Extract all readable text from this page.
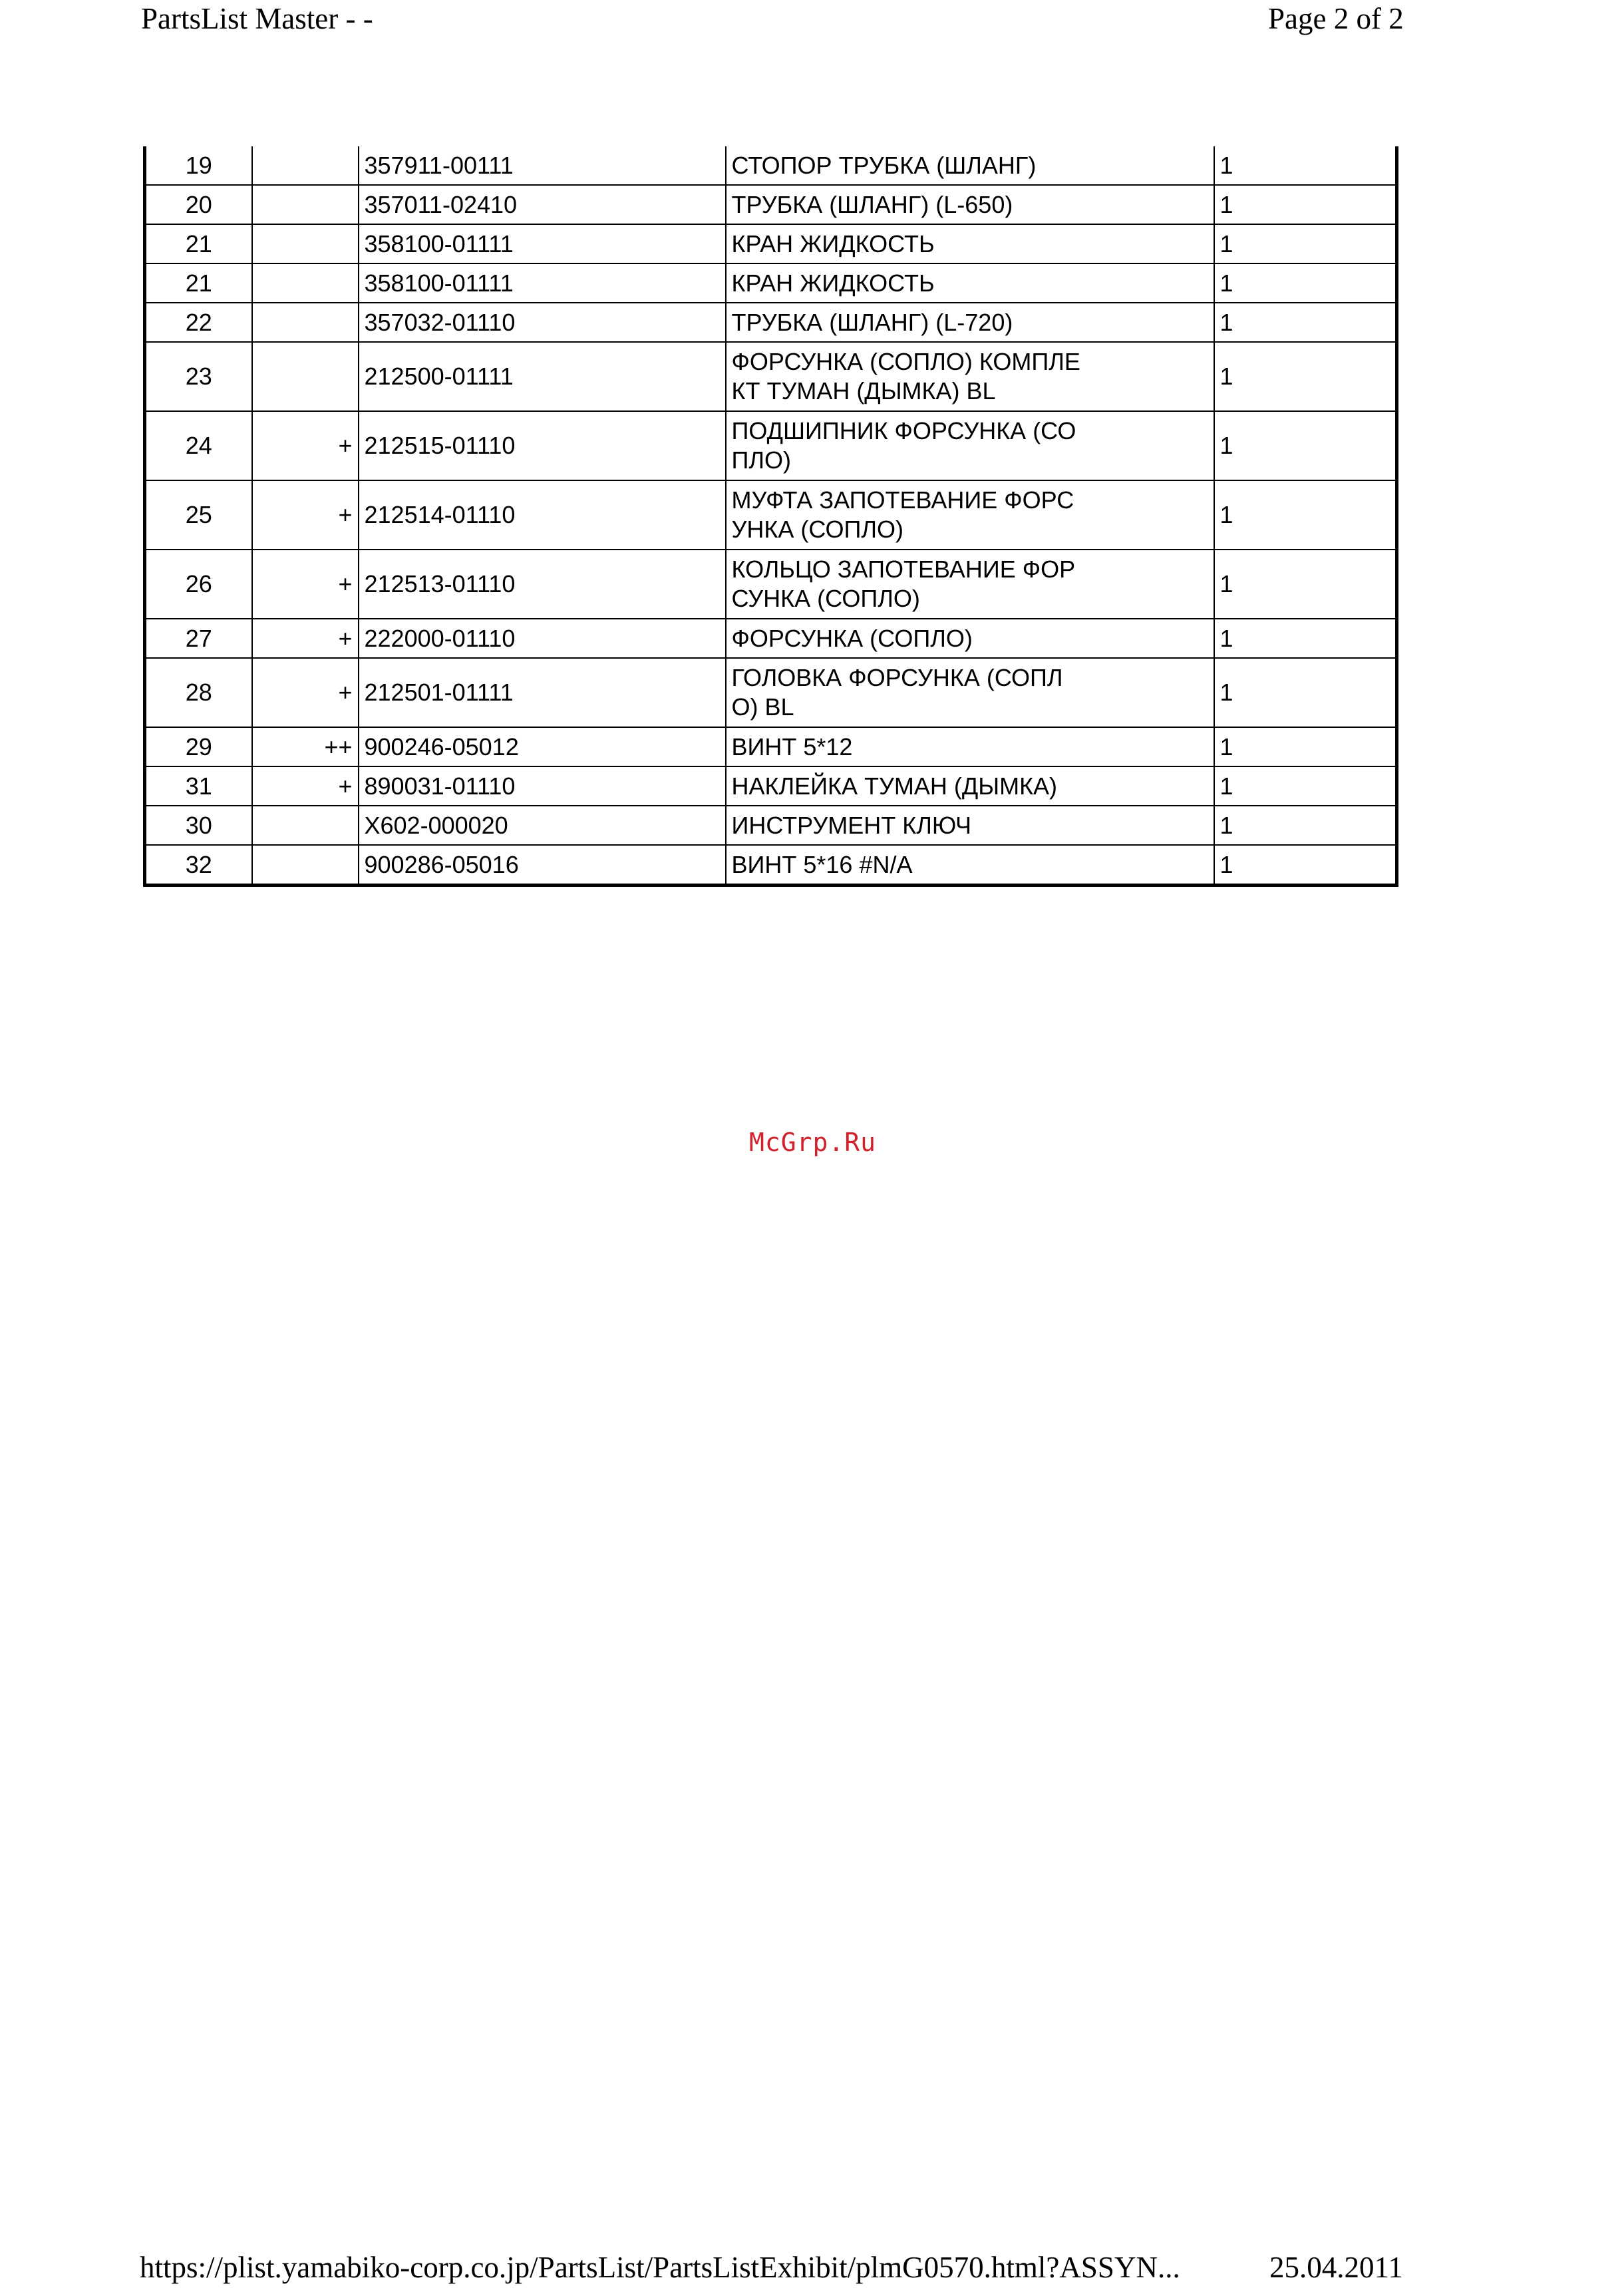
PartsList Master - -	Page 2 of 2
19		357911-00111	СТОПОР ТРУБКА (ШЛАНГ)	1
20		357011-02410	ТРУБКА (ШЛАНГ) (L-650)	1
21		358100-01111	КРАН ЖИДКОСТЬ	1
21		358100-01111	КРАН ЖИДКОСТЬ	1
22		357032-01110	ТРУБКА (ШЛАНГ) (L-720)	1
23		212500-01111	ФОРСУНКА (СОПЛО) КОМПЛЕ
КТ ТУМАН (ДЫМКА) BL	1
24	+	212515-01110	ПОДШИПНИК ФОРСУНКА (СО
ПЛО)	1
25	+	212514-01110	МУФТА ЗАПОТЕВАНИЕ ФОРС
УНКА (СОПЛО)	1
26	+	212513-01110	КОЛЬЦО ЗАПОТЕВАНИЕ ФОР
СУНКА (СОПЛО)	1
27	+	222000-01110	ФОРСУНКА (СОПЛО)	1
28	+	212501-01111	ГОЛОВКА ФОРСУНКА (СОПЛ
О) BL	1
29	++	900246-05012	ВИНТ 5*12	1
31	+	890031-01110	НАКЛЕЙКА ТУМАН (ДЫМКА)	1
30		X602-000020	ИНСТРУМЕНТ КЛЮЧ	1
32		900286-05016	ВИНТ 5*16 #N/A	1
McGrp.Ru
https://plist.yamabiko-corp.co.jp/PartsList/PartsListExhibit/plmG0570.html?ASSYN...	25.04.2011
